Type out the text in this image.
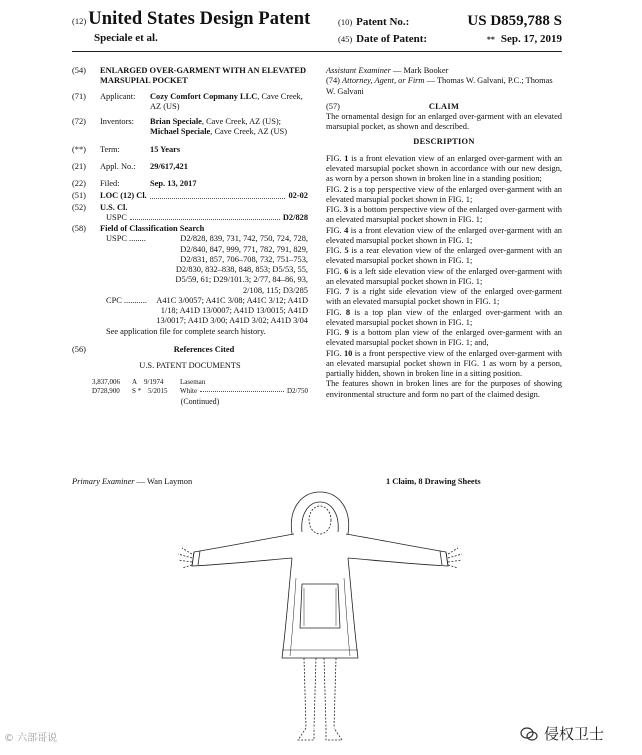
(12) United States Design Patent
Speciale et al.
(10) Patent No.:	US D859,788 S
(45) Date of Patent:	** Sep. 17, 2019
(54)	ENLARGED OVER-GARMENT WITH AN ELEVATED MARSUPIAL POCKET
(71)	Applicant:	Cozy Comfort Copmany LLC, Cave Creek, AZ (US)
(72)	Inventors:	Brian Speciale, Cave Creek, AZ (US);
Michael Speciale, Cave Creek, AZ (US)
(**)	Term:	15 Years
(21)	Appl. No.:	29/617,421
(22)	Filed:	Sep. 13, 2017
(51)	LOC (12) Cl.	02-02
(52)	U.S. Cl.
USPC	D2/828
(58)	Field of Classification Search
USPC ........	D2/828, 839, 731, 742, 750, 724, 728, D2/840, 847, 999, 771, 782, 791, 829, D2/831, 857, 706–708, 732, 751–753, D2/830, 832–838, 848, 853; D5/53, 55, D5/59, 61; D29/101.3; 2/77, 84–86, 93, 2/108, 115; D3/285
CPC ...........	A41C 3/0057; A41C 3/08; A41C 3/12; A41D 1/18; A41D 13/0007; A41D 13/0015; A41D 13/0017; A41D 3/00; A41D 3/02; A41D 3/04
See application file for complete search history.
(56)	References Cited
U.S. PATENT DOCUMENTS
3,837,006	A 9/1974	Laseman
D728,900	S * 5/2015	White	D2/750
(Continued)
Primary Examiner — Wan Laymon
Assistant Examiner — Mark Booker
(74) Attorney, Agent, or Firm — Thomas W. Galvani, P.C.; Thomas W. Galvani
(57)	CLAIM
The ornamental design for an enlarged over-garment with an elevated marsupial pocket, as shown and described.
DESCRIPTION
FIG. 1 is a front elevation view of an enlarged over-garment with an elevated marsupial pocket shown in accordance with our new design, as worn by a person shown in broken line in a standing position;
FIG. 2 is a top perspective view of the enlarged over-garment with an elevated marsupial pocket shown in FIG. 1;
FIG. 3 is a bottom perspective view of the enlarged over-garment with an elevated marsupial pocket shown in FIG. 1;
FIG. 4 is a front elevation view of the enlarged over-garment with an elevated marsupial pocket shown in FIG. 1;
FIG. 5 is a rear elevation view of the enlarged over-garment with an elevated marsupial pocket shown in FIG. 1;
FIG. 6 is a left side elevation view of the enlarged over-garment with an elevated marsupial pocket shown in FIG. 1;
FIG. 7 is a right side elevation view of the enlarged over-garment with an elevated marsupial pocket shown in FIG. 1;
FIG. 8 is a top plan view of the enlarged over-garment with an elevated marsupial pocket shown in FIG. 1;
FIG. 9 is a bottom plan view of the enlarged over-garment with an elevated marsupial pocket shown in FIG. 1; and,
FIG. 10 is a front perspective view of the enlarged over-garment with an elevated marsupial pocket shown in FIG. 1 as worn by a person, partially hidden, shown in broken line in a sitting position.
The features shown in broken lines are for the purposes of showing environmental structure and form no part of the claimed design.
1 Claim, 8 Drawing Sheets
© 六部哥说	侵权卫士
